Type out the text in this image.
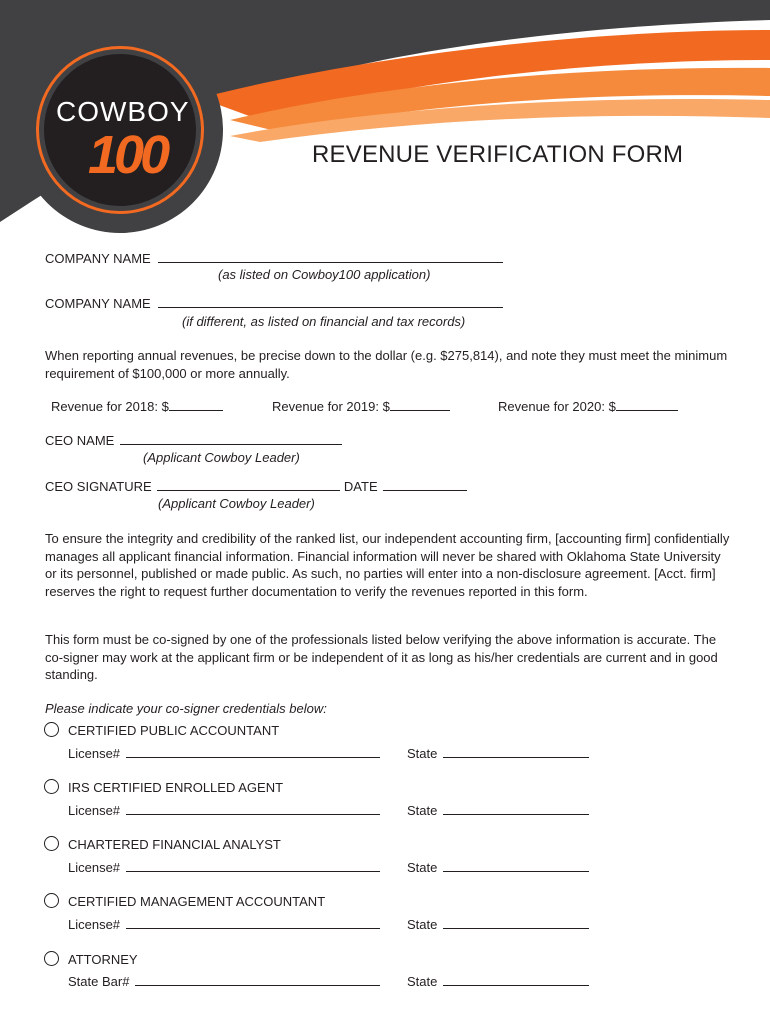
COWBOY
100	REVENUE VERIFICATION FORM
COMPANY NAME
(as listed on Cowboy100 application)
COMPANY NAME
(if different, as listed on financial and tax records)
When reporting annual revenues, be precise down to the dollar (e.g. $275,814), and note they must meet the minimum requirement of $100,000 or more annually.
Revenue for 2018: $	Revenue for 2019: $	Revenue for 2020: $
CEO NAME
(Applicant Cowboy Leader)
CEO SIGNATURE	DATE
(Applicant Cowboy Leader)
To ensure the integrity and credibility of the ranked list, our independent accounting firm, [accounting firm] confidentially manages all applicant financial information. Financial information will never be shared with Oklahoma State University or its personnel, published or made public. As such, no parties will enter into a non-disclosure agreement. [Acct. firm] reserves the right to request further documentation to verify the revenues reported in this form.
This form must be co-signed by one of the professionals listed below verifying the above information is accurate. The co-signer may work at the applicant firm or be independent of it as long as his/her credentials are current and in good standing.
Please indicate your co-signer credentials below:
CERTIFIED PUBLIC ACCOUNTANT
License#	State
IRS CERTIFIED ENROLLED AGENT
License#	State
CHARTERED FINANCIAL ANALYST
License#	State
CERTIFIED MANAGEMENT ACCOUNTANT
License#	State
ATTORNEY
State Bar#	State
